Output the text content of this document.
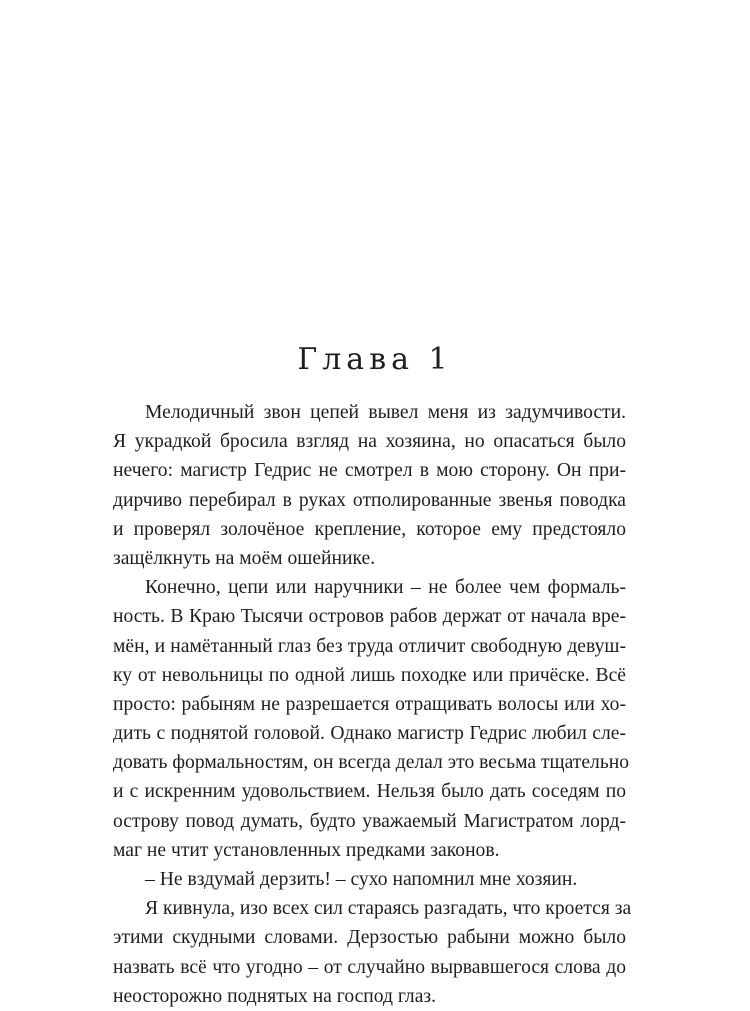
Глава 1
Мелодичный звон цепей вывел меня из задумчивости.
Я украдкой бросила взгляд на хозяина, но опасаться было
нечего: магистр Гедрис не смотрел в мою сторону. Он при-
дирчиво перебирал в руках отполированные звенья поводка
и проверял золочёное крепление, которое ему предстояло
защёлкнуть на моём ошейнике.
Конечно, цепи или наручники – не более чем формаль-
ность. В Краю Тысячи островов рабов держат от начала вре-
мён, и намётанный глаз без труда отличит свободную девуш-
ку от невольницы по одной лишь походке или причёске. Всё
просто: рабыням не разрешается отращивать волосы или хо-
дить с поднятой головой. Однако магистр Гедрис любил сле-
довать формальностям, он всегда делал это весьма тщательно
и с искренним удовольствием. Нельзя было дать соседям по
острову повод думать, будто уважаемый Магистратом лорд-
маг не чтит установленных предками законов.
– Не вздумай дерзить! – сухо напомнил мне хозяин.
Я кивнула, изо всех сил стараясь разгадать, что кроется за
этими скудными словами. Дерзостью рабыни можно было
назвать всё что угодно – от случайно вырвавшегося слова до
неосторожно поднятых на господ глаз.
